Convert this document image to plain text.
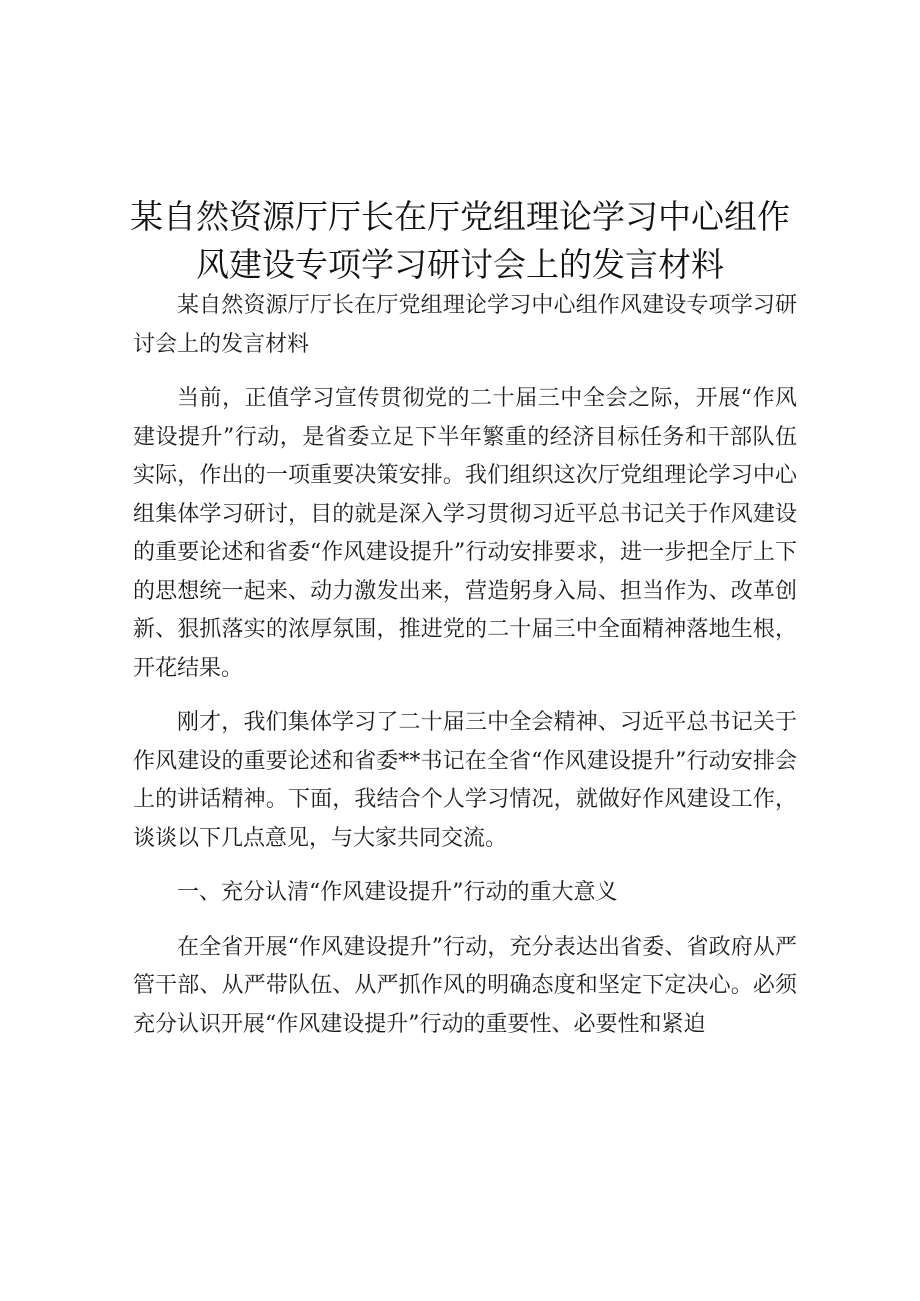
某自然资源厅厅长在厅党组理论学习中心组作
风建设专项学习研讨会上的发言材料

某自然资源厅厅长在厅党组理论学习中心组作风建设专项学习研讨会上的发言材料

当前，正值学习宣传贯彻党的二十届三中全会之际，开展“作风建设提升”行动，是省委立足下半年繁重的经济目标任务和干部队伍实际，作出的一项重要决策安排。我们组织这次厅党组理论学习中心组集体学习研讨，目的就是深入学习贯彻习近平总书记关于作风建设的重要论述和省委“作风建设提升”行动安排要求，进一步把全厅上下的思想统一起来、动力激发出来，营造躬身入局、担当作为、改革创新、狠抓落实的浓厚氛围，推进党的二十届三中全面精神落地生根，开花结果。

刚才，我们集体学习了二十届三中全会精神、习近平总书记关于作风建设的重要论述和省委**书记在全省“作风建设提升”行动安排会上的讲话精神。下面，我结合个人学习情况，就做好作风建设工作，谈谈以下几点意见，与大家共同交流。

一、充分认清“作风建设提升”行动的重大意义

在全省开展“作风建设提升”行动，充分表达出省委、省政府从严管干部、从严带队伍、从严抓作风的明确态度和坚定下定决心。必须充分认识开展“作风建设提升”行动的重要性、必要性和紧迫
